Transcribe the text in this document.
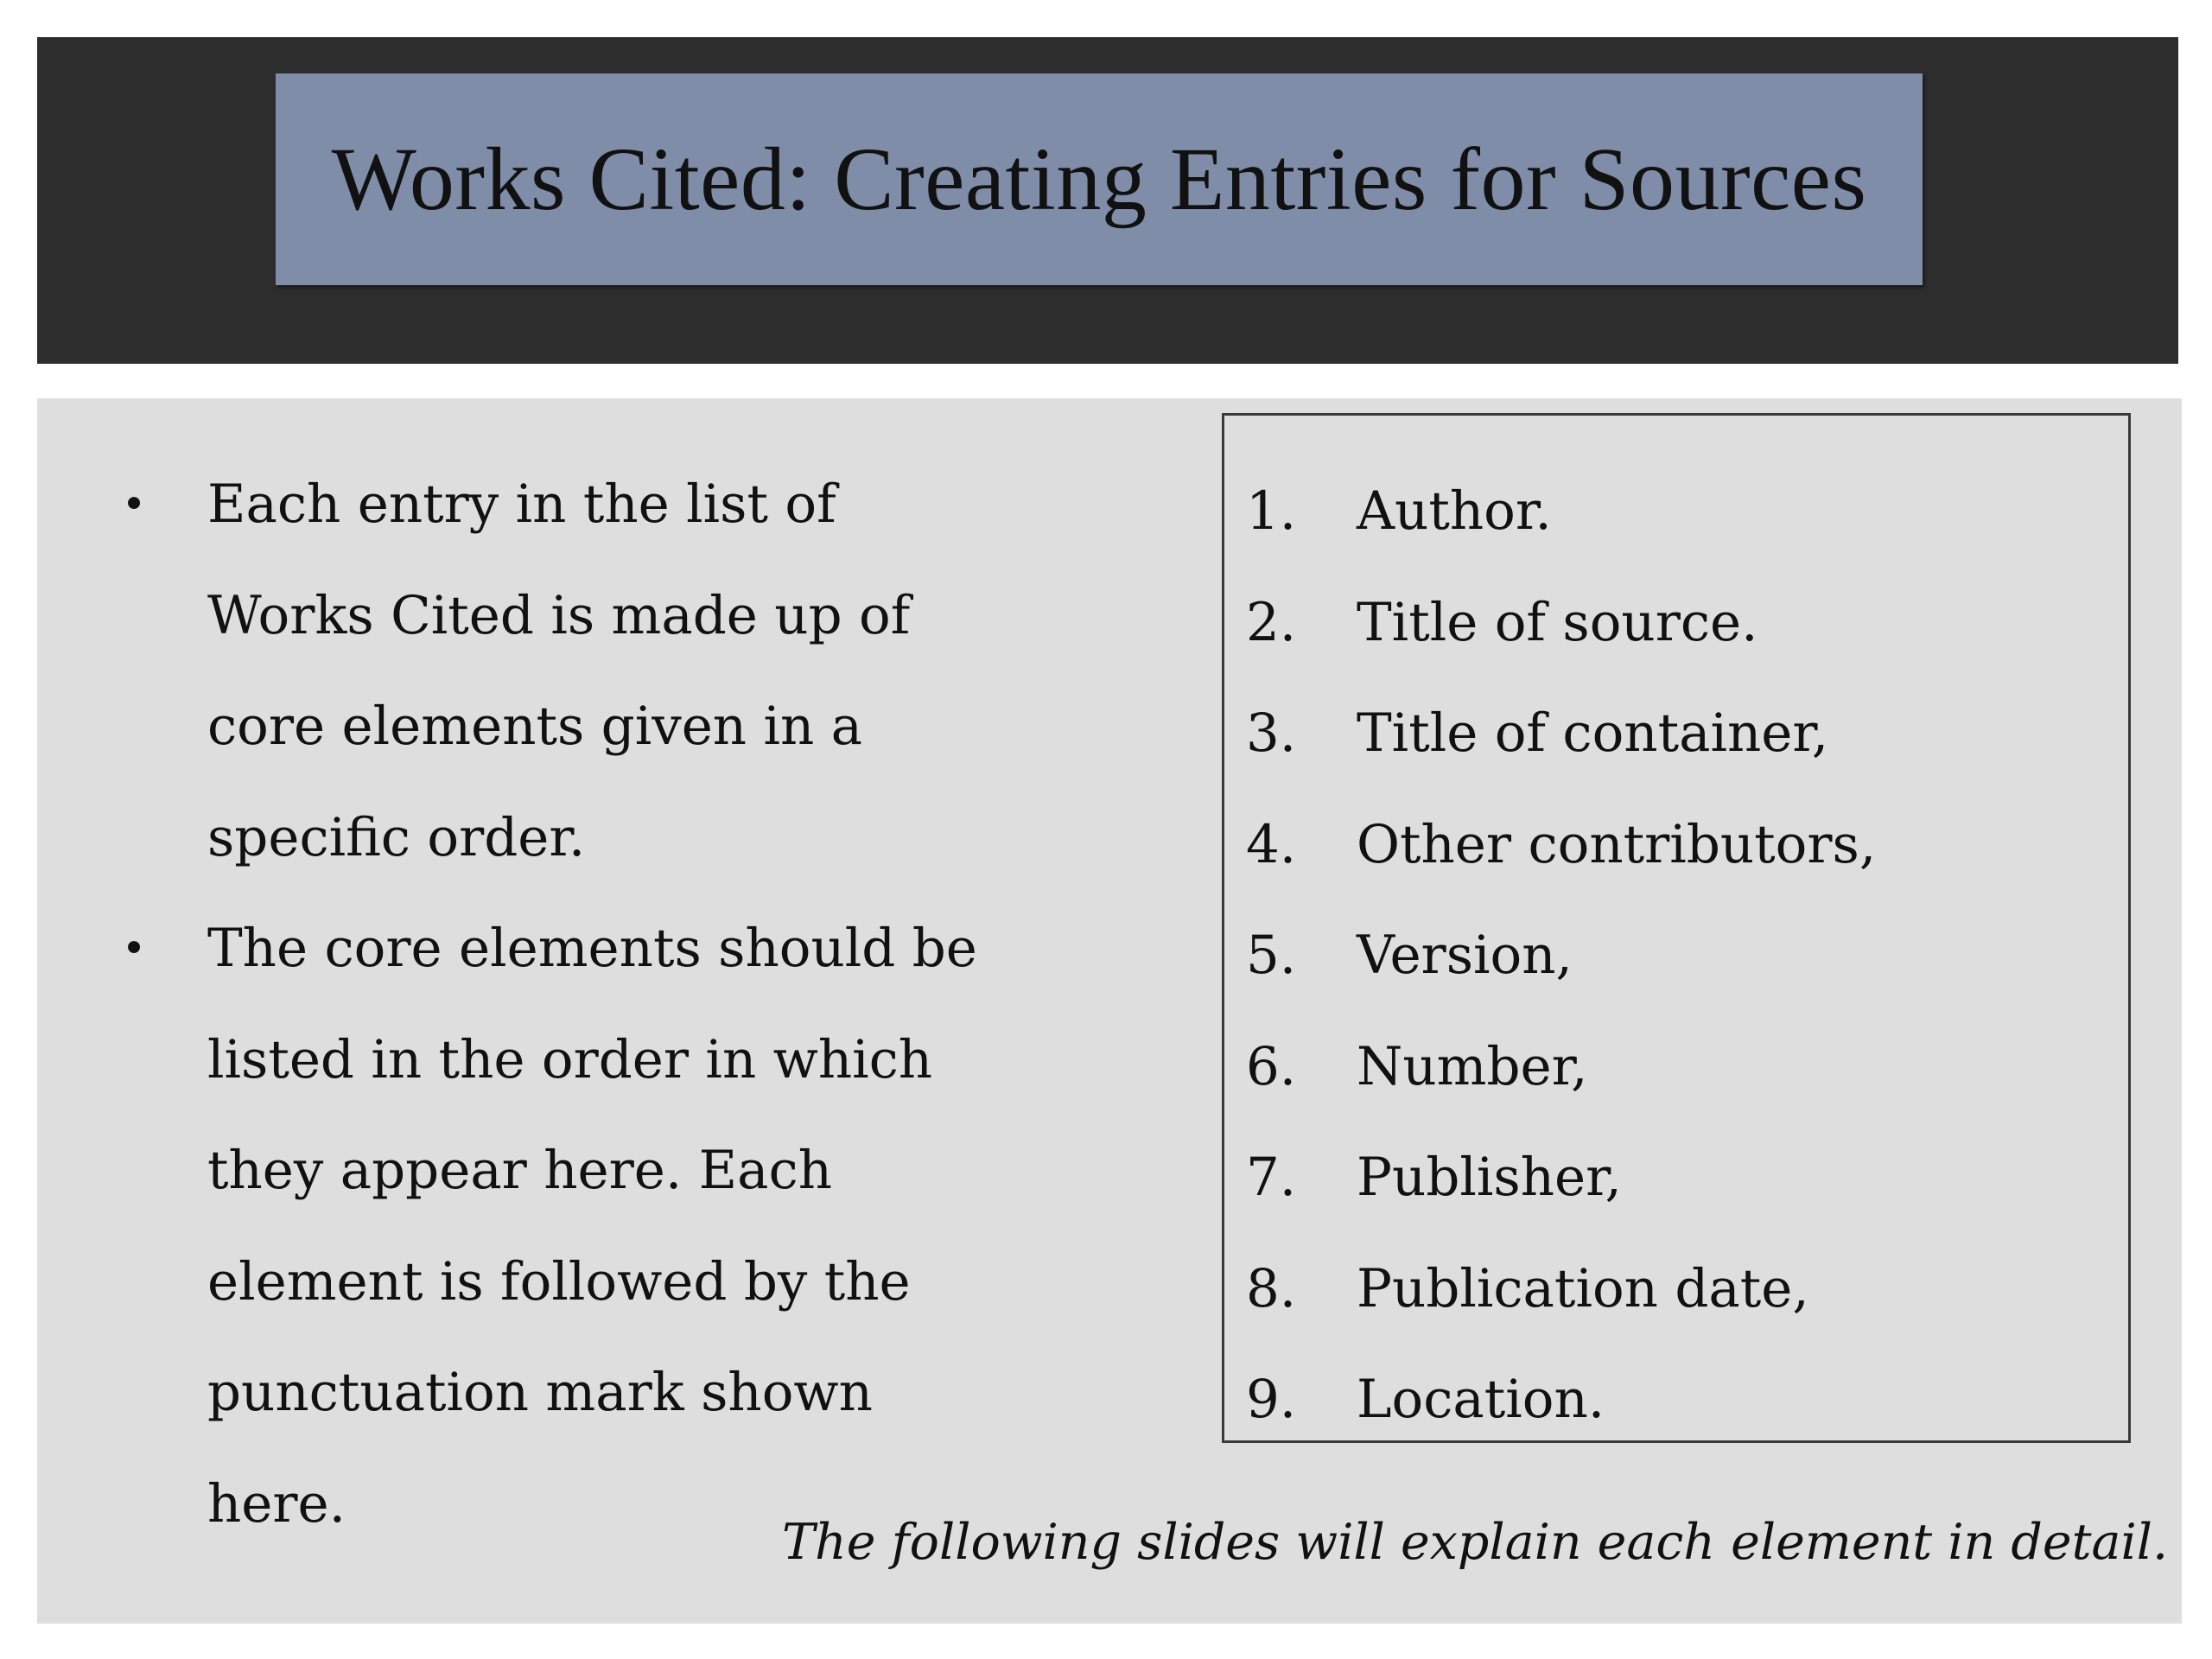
Works Cited: Creating Entries for Sources
• Each entry in the list of Works Cited is made up of core elements given in a specific order.
• The core elements should be listed in the order in which they appear here. Each element is followed by the punctuation mark shown here.
1.	Author.
2.	Title of source.
3.	Title of container,
4.	Other contributors,
5.	Version,
6.	Number,
7.	Publisher,
8.	Publication date,
9.	Location.
The following slides will explain each element in detail.
